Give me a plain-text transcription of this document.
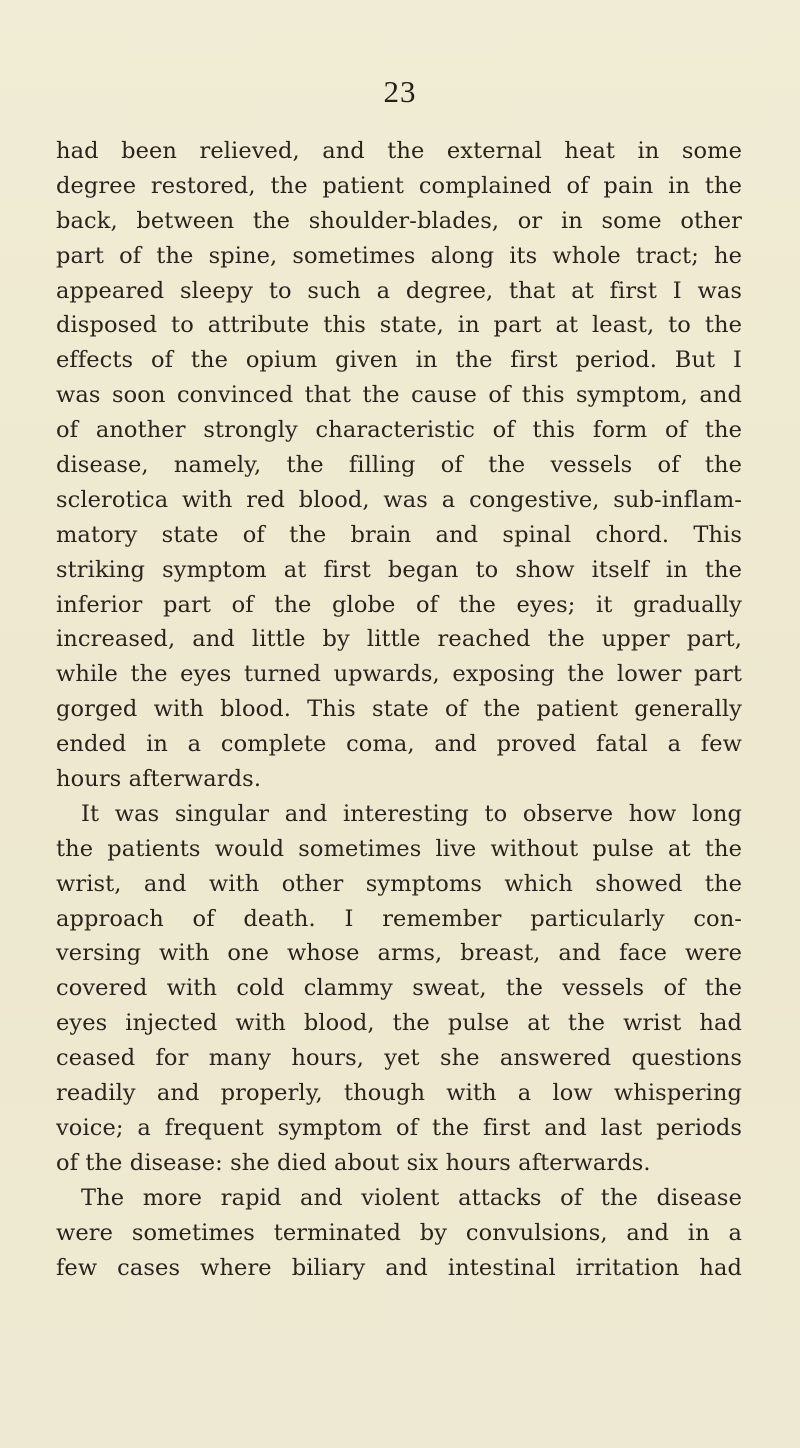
23
had been relieved, and the external heat in some
degree restored, the patient complained of pain in the
back, between the shoulder-blades, or in some other
part of the spine, sometimes along its whole tract; he
appeared sleepy to such a degree, that at first I was
disposed to attribute this state, in part at least, to the
effects of the opium given in the first period. But I
was soon convinced that the cause of this symptom, and
of another strongly characteristic of this form of the
disease, namely, the filling of the vessels of the
sclerotica with red blood, was a congestive, sub-inflam-
matory state of the brain and spinal chord. This
striking symptom at first began to show itself in the
inferior part of the globe of the eyes; it gradually
increased, and little by little reached the upper part,
while the eyes turned upwards, exposing the lower part
gorged with blood. This state of the patient generally
ended in a complete coma, and proved fatal a few
hours afterwards.
It was singular and interesting to observe how long
the patients would sometimes live without pulse at the
wrist, and with other symptoms which showed the
approach of death. I remember particularly con-
versing with one whose arms, breast, and face were
covered with cold clammy sweat, the vessels of the
eyes injected with blood, the pulse at the wrist had
ceased for many hours, yet she answered questions
readily and properly, though with a low whispering
voice; a frequent symptom of the first and last periods
of the disease: she died about six hours afterwards.
The more rapid and violent attacks of the disease
were sometimes terminated by convulsions, and in a
few cases where biliary and intestinal irritation had
